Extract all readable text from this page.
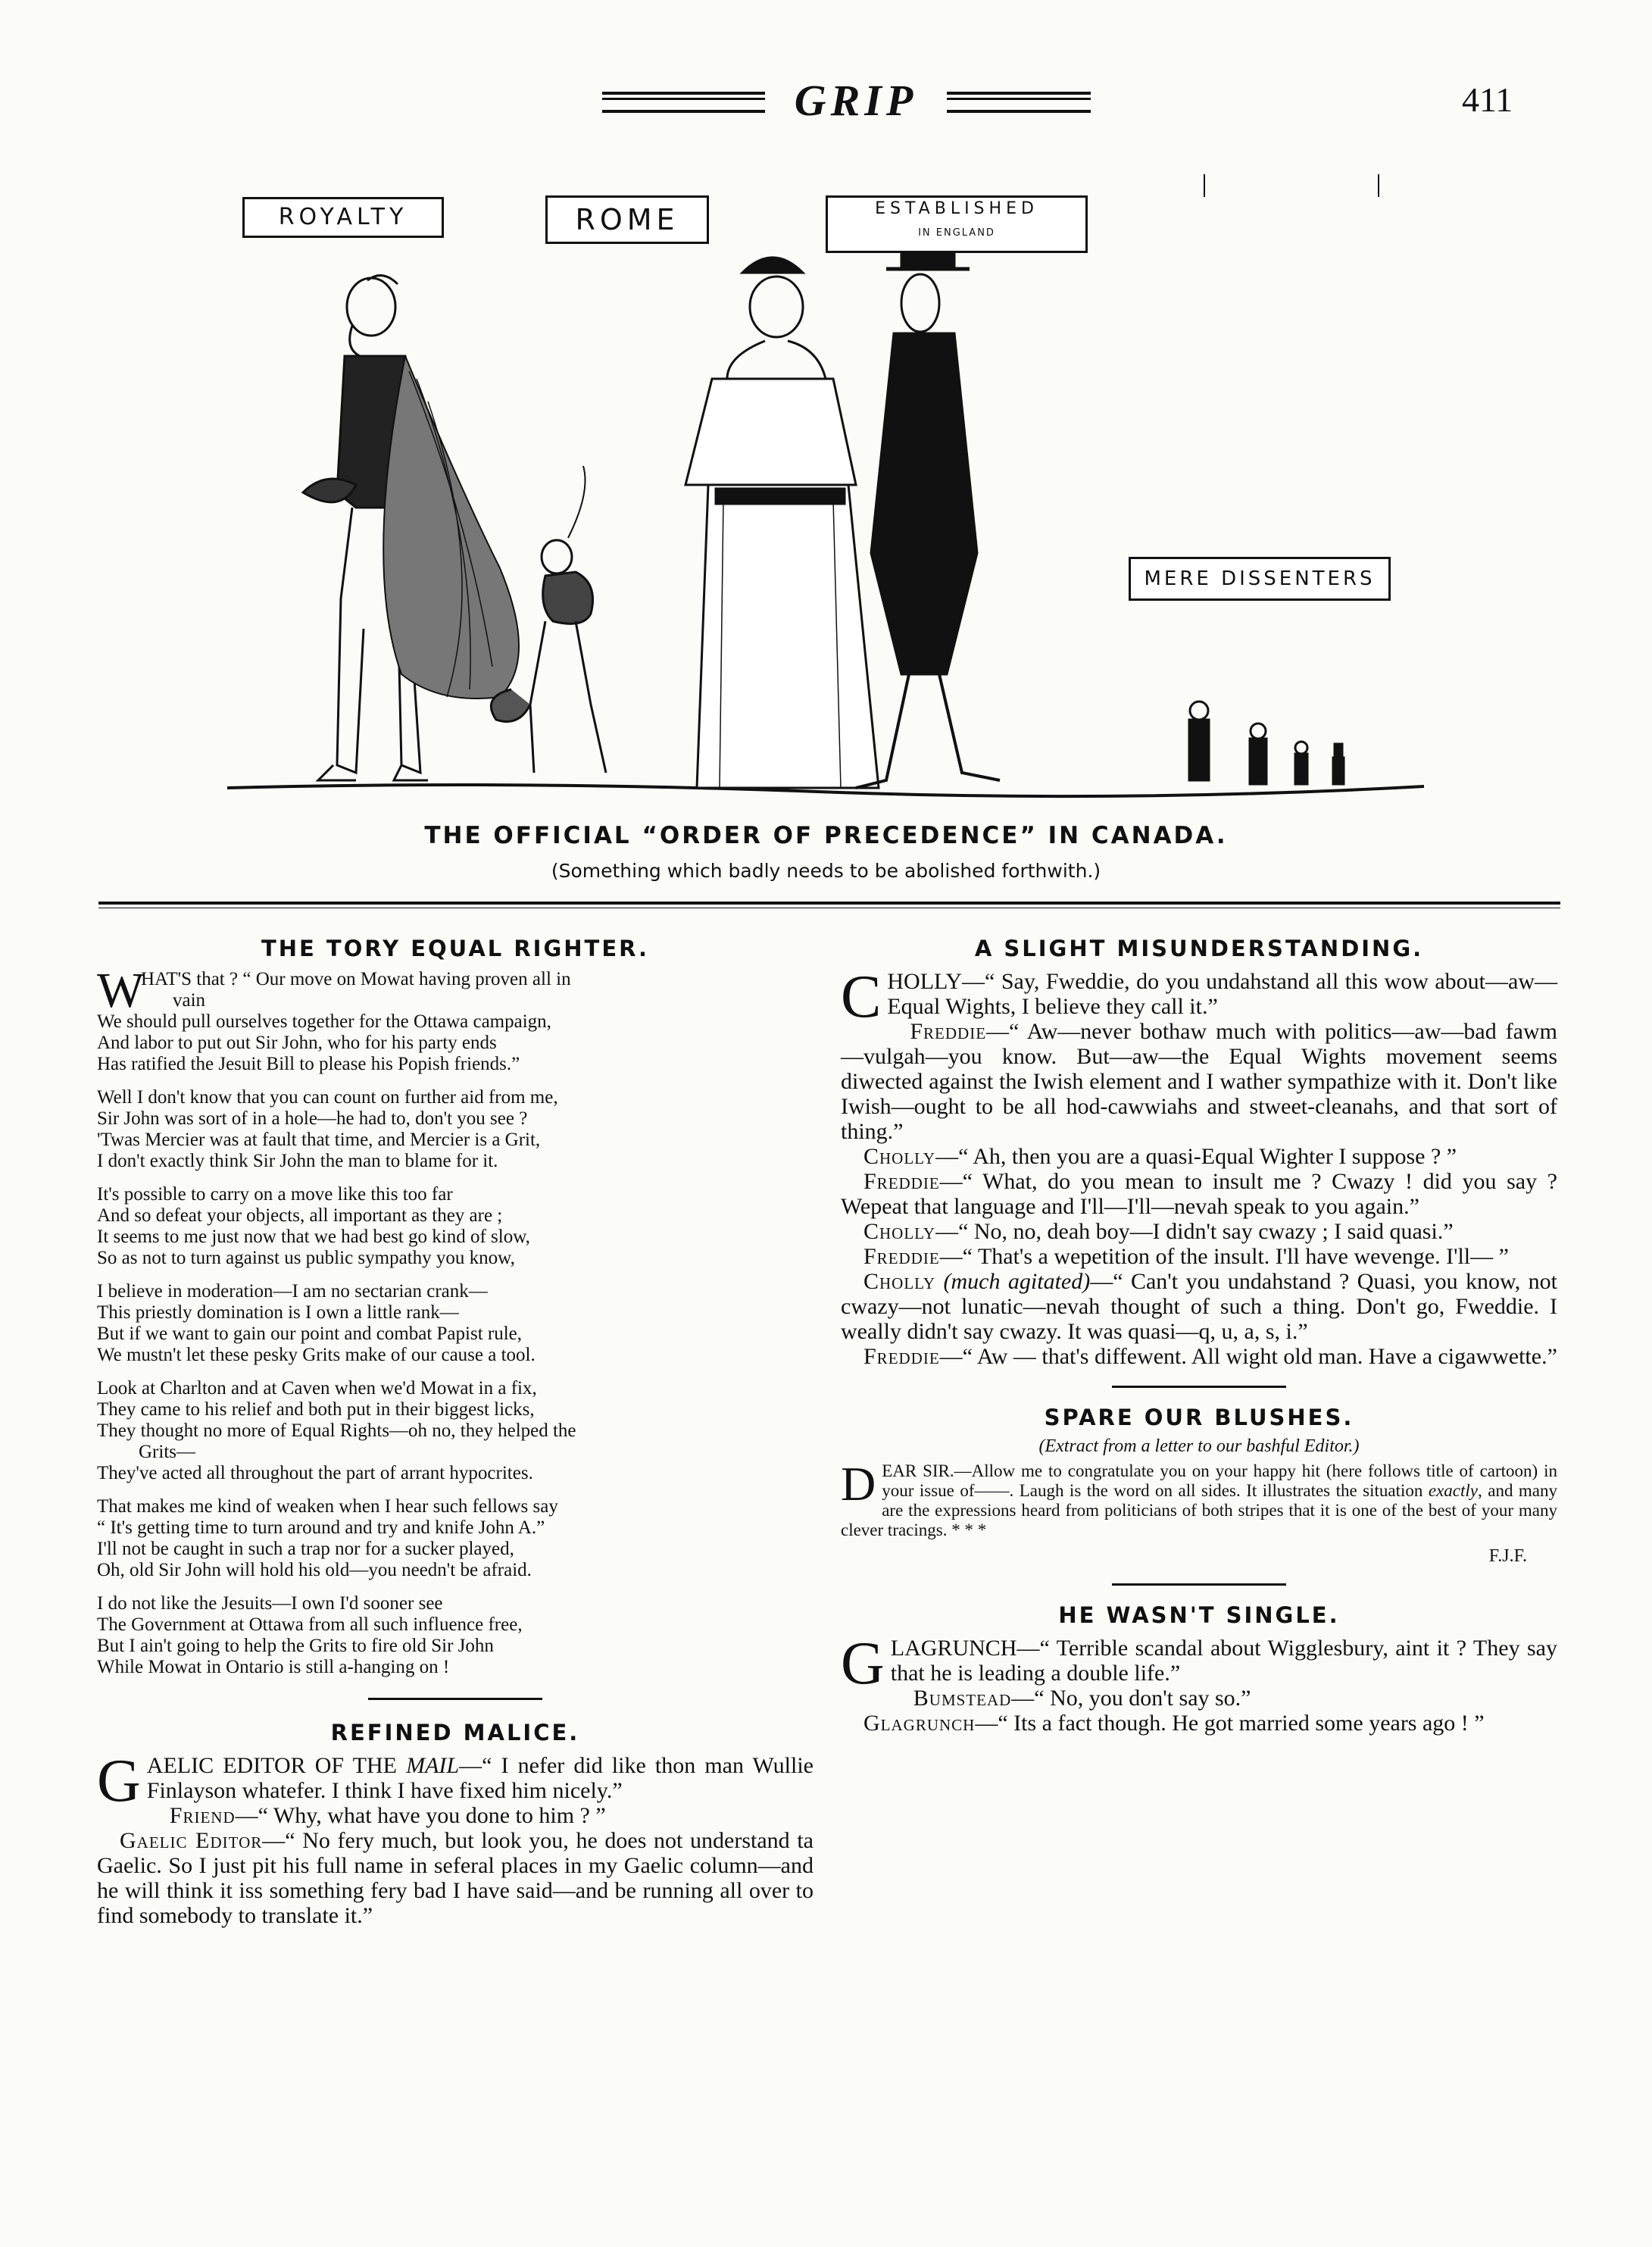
GRIP	411
ROYALTY	ROME	ESTABLISHED
IN ENGLAND
MERE DISSENTERS
THE OFFICIAL “ORDER OF PRECEDENCE” IN CANADA.
(Something which badly needs to be abolished forthwith.)
THE TORY EQUAL RIGHTER.
W
HAT'S that ? “ Our move on Mowat having proven all in
vain
We should pull ourselves together for the Ottawa campaign,
And labor to put out Sir John, who for his party ends
Has ratified the Jesuit Bill to please his Popish friends.”
Well I don't know that you can count on further aid from me,
Sir John was sort of in a hole—he had to, don't you see ?
'Twas Mercier was at fault that time, and Mercier is a Grit,
I don't exactly think Sir John the man to blame for it.
It's possible to carry on a move like this too far
And so defeat your objects, all important as they are ;
It seems to me just now that we had best go kind of slow,
So as not to turn against us public sympathy you know,
I believe in moderation—I am no sectarian crank—
This priestly domination is I own a little rank—
But if we want to gain our point and combat Papist rule,
We mustn't let these pesky Grits make of our cause a tool.
Look at Charlton and at Caven when we'd Mowat in a fix,
They came to his relief and both put in their biggest licks,
They thought no more of Equal Rights—oh no, they helped the
Grits—
They've acted all throughout the part of arrant hypocrites.
That makes me kind of weaken when I hear such fellows say
“ It's getting time to turn around and try and knife John A.”
I'll not be caught in such a trap nor for a sucker played,
Oh, old Sir John will hold his old—you needn't be afraid.
I do not like the Jesuits—I own I'd sooner see
The Government at Ottawa from all such influence free,
But I ain't going to help the Grits to fire old Sir John
While Mowat in Ontario is still a-hanging on !
REFINED MALICE.

GAELIC EDITOR OF THE MAIL—“ I nefer did like thon man Wullie Finlayson whatefer. I think I have fixed him nicely.”

Friend—“ Why, what have you done to him ? ”

Gaelic Editor—“ No fery much, but look you, he does not understand ta Gaelic. So I just pit his full name in seferal places in my Gaelic column—and he will think it iss something fery bad I have said—and be running all over to find somebody to translate it.”

A SLIGHT MISUNDERSTANDING.

CHOLLY—“ Say, Fweddie, do you undahstand all this wow about—aw—Equal Wights, I believe they call it.”

Freddie—“ Aw—never bothaw much with politics—aw—bad fawm—vulgah—you know. But—aw—the Equal Wights movement seems diwected against the Iwish element and I wather sympathize with it. Don't like Iwish—ought to be all hod-cawwiahs and stweet-cleanahs, and that sort of thing.”

Cholly—“ Ah, then you are a quasi-Equal Wighter I suppose ? ”

Freddie—“ What, do you mean to insult me ? Cwazy ! did you say ? Wepeat that language and I'll—I'll—nevah speak to you again.”

Cholly—“ No, no, deah boy—I didn't say cwazy ; I said quasi.”

Freddie—“ That's a wepetition of the insult. I'll have wevenge. I'll— ”

Cholly (much agitated)—“ Can't you undahstand ? Quasi, you know, not cwazy—not lunatic—nevah thought of such a thing. Don't go, Fweddie. I weally didn't say cwazy. It was quasi—q, u, a, s, i.”

Freddie—“ Aw — that's diffewent. All wight old man. Have a cigawwette.”

SPARE OUR BLUSHES.
(Extract from a letter to our bashful Editor.)
DEAR SIR.—Allow me to congratulate you on your happy hit (here follows title of cartoon) in your issue of——. Laugh is the word on all sides. It illustrates the situation exactly, and many are the expressions heard from politicians of both stripes that it is one of the best of your many clever tracings. * * *
F.J.F.
HE WASN'T SINGLE.

GLAGRUNCH—“ Terrible scandal about Wigglesbury, aint it ? They say that he is leading a double life.”

Bumstead—“ No, you don't say so.”

Glagrunch—“ Its a fact though. He got married some years ago ! ”
